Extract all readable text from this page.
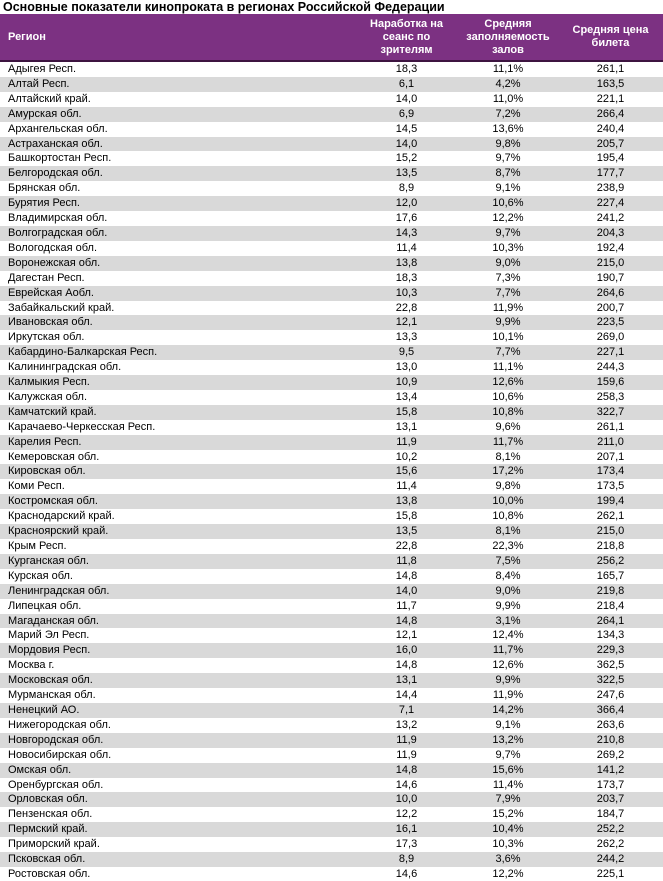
Основные показатели кинопроката в регионах Российской Федерации
Регион	Наработка на сеанс по зрителям	Средняя заполняемость залов	Средняя цена билета
Адыгея Респ.	18,3	11,1%	261,1
Алтай Респ.	6,1	4,2%	163,5
Алтайский край.	14,0	11,0%	221,1
Амурская обл.	6,9	7,2%	266,4
Архангельская обл.	14,5	13,6%	240,4
Астраханская обл.	14,0	9,8%	205,7
Башкортостан Респ.	15,2	9,7%	195,4
Белгородская обл.	13,5	8,7%	177,7
Брянская обл.	8,9	9,1%	238,9
Бурятия Респ.	12,0	10,6%	227,4
Владимирская обл.	17,6	12,2%	241,2
Волгоградская обл.	14,3	9,7%	204,3
Вологодская обл.	11,4	10,3%	192,4
Воронежская обл.	13,8	9,0%	215,0
Дагестан Респ.	18,3	7,3%	190,7
Еврейская Аобл.	10,3	7,7%	264,6
Забайкальский край.	22,8	11,9%	200,7
Ивановская обл.	12,1	9,9%	223,5
Иркутская обл.	13,3	10,1%	269,0
Кабардино-Балкарская Респ.	9,5	7,7%	227,1
Калининградская обл.	13,0	11,1%	244,3
Калмыкия Респ.	10,9	12,6%	159,6
Калужская обл.	13,4	10,6%	258,3
Камчатский край.	15,8	10,8%	322,7
Карачаево-Черкесская Респ.	13,1	9,6%	261,1
Карелия Респ.	11,9	11,7%	211,0
Кемеровская обл.	10,2	8,1%	207,1
Кировская обл.	15,6	17,2%	173,4
Коми Респ.	11,4	9,8%	173,5
Костромская обл.	13,8	10,0%	199,4
Краснодарский край.	15,8	10,8%	262,1
Красноярский край.	13,5	8,1%	215,0
Крым Респ.	22,8	22,3%	218,8
Курганская обл.	11,8	7,5%	256,2
Курская обл.	14,8	8,4%	165,7
Ленинградская обл.	14,0	9,0%	219,8
Липецкая обл.	11,7	9,9%	218,4
Магаданская обл.	14,8	3,1%	264,1
Марий Эл Респ.	12,1	12,4%	134,3
Мордовия Респ.	16,0	11,7%	229,3
Москва г.	14,8	12,6%	362,5
Московская обл.	13,1	9,9%	322,5
Мурманская обл.	14,4	11,9%	247,6
Ненецкий АО.	7,1	14,2%	366,4
Нижегородская обл.	13,2	9,1%	263,6
Новгородская обл.	11,9	13,2%	210,8
Новосибирская обл.	11,9	9,7%	269,2
Омская обл.	14,8	15,6%	141,2
Оренбургская обл.	14,6	11,4%	173,7
Орловская обл.	10,0	7,9%	203,7
Пензенская обл.	12,2	15,2%	184,7
Пермский край.	16,1	10,4%	252,2
Приморский край.	17,3	10,3%	262,2
Псковская обл.	8,9	3,6%	244,2
Ростовская обл.	14,6	12,2%	225,1
